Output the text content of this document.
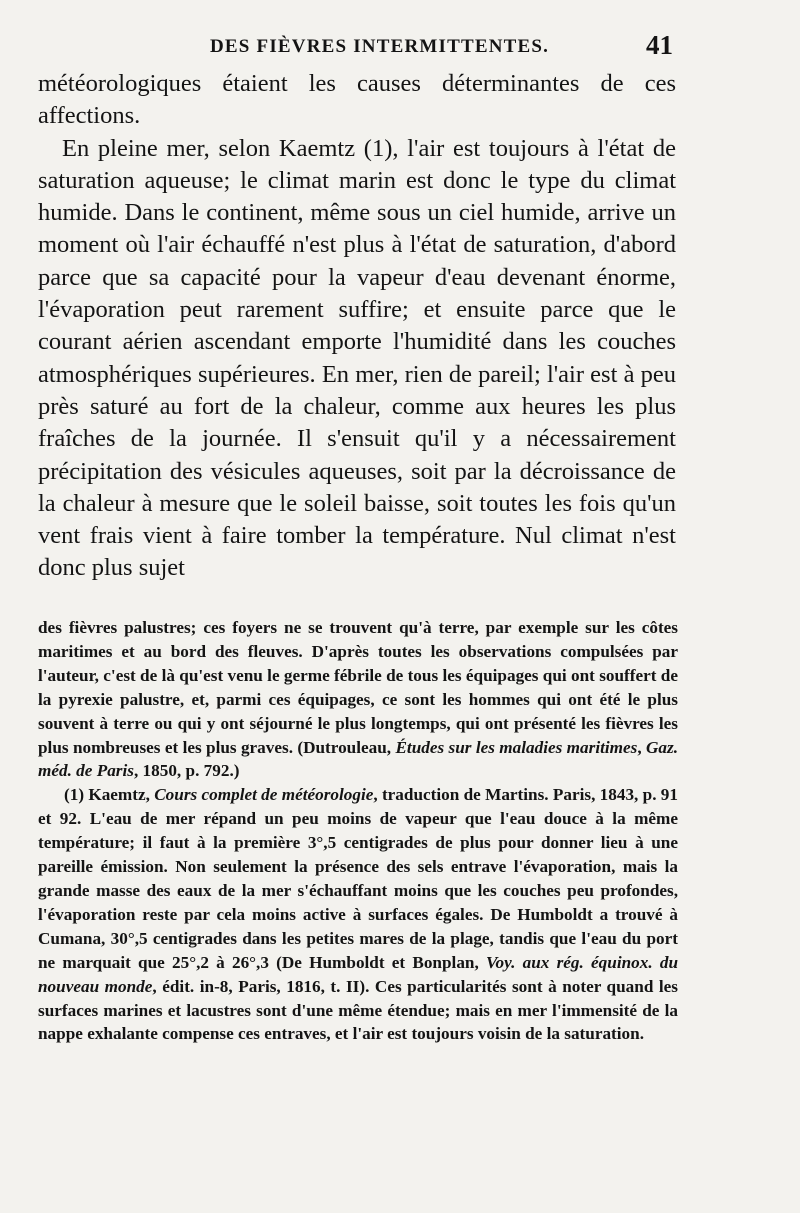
DES FIÈVRES INTERMITTENTES.	41

météorologiques étaient les causes déterminantes de ces affections.

En pleine mer, selon Kaemtz (1), l'air est toujours à l'état de saturation aqueuse; le climat marin est donc le type du climat humide. Dans le continent, même sous un ciel humide, arrive un moment où l'air échauffé n'est plus à l'état de saturation, d'abord parce que sa capacité pour la vapeur d'eau devenant énorme, l'évaporation peut rarement suffire; et ensuite parce que le courant aérien ascendant emporte l'humidité dans les couches atmosphériques supérieures. En mer, rien de pareil; l'air est à peu près saturé au fort de la chaleur, comme aux heures les plus fraîches de la journée. Il s'ensuit qu'il y a nécessairement précipitation des vésicules aqueuses, soit par la décroissance de la chaleur à mesure que le soleil baisse, soit toutes les fois qu'un vent frais vient à faire tomber la température. Nul climat n'est donc plus sujet

des fièvres palustres; ces foyers ne se trouvent qu'à terre, par exemple sur les côtes maritimes et au bord des fleuves. D'après toutes les observations compulsées par l'auteur, c'est de là qu'est venu le germe fébrile de tous les équipages qui ont souffert de la pyrexie palustre, et, parmi ces équipages, ce sont les hommes qui ont été le plus souvent à terre ou qui y ont séjourné le plus longtemps, qui ont présenté les fièvres les plus nombreuses et les plus graves. (Dutrouleau, Études sur les maladies maritimes, Gaz. méd. de Paris, 1850, p. 792.)

(1) Kaemtz, Cours complet de météorologie, traduction de Martins. Paris, 1843, p. 91 et 92. L'eau de mer répand un peu moins de vapeur que l'eau douce à la même température; il faut à la première 3°,5 centigrades de plus pour donner lieu à une pareille émission. Non seulement la présence des sels entrave l'évaporation, mais la grande masse des eaux de la mer s'échauffant moins que les couches peu profondes, l'évaporation reste par cela moins active à surfaces égales. De Humboldt a trouvé à Cumana, 30°,5 centigrades dans les petites mares de la plage, tandis que l'eau du port ne marquait que 25°,2 à 26°,3 (De Humboldt et Bonplan, Voy. aux rég. équinox. du nouveau monde, édit. in-8, Paris, 1816, t. II). Ces particularités sont à noter quand les surfaces marines et lacustres sont d'une même étendue; mais en mer l'immensité de la nappe exhalante compense ces entraves, et l'air est toujours voisin de la saturation.
